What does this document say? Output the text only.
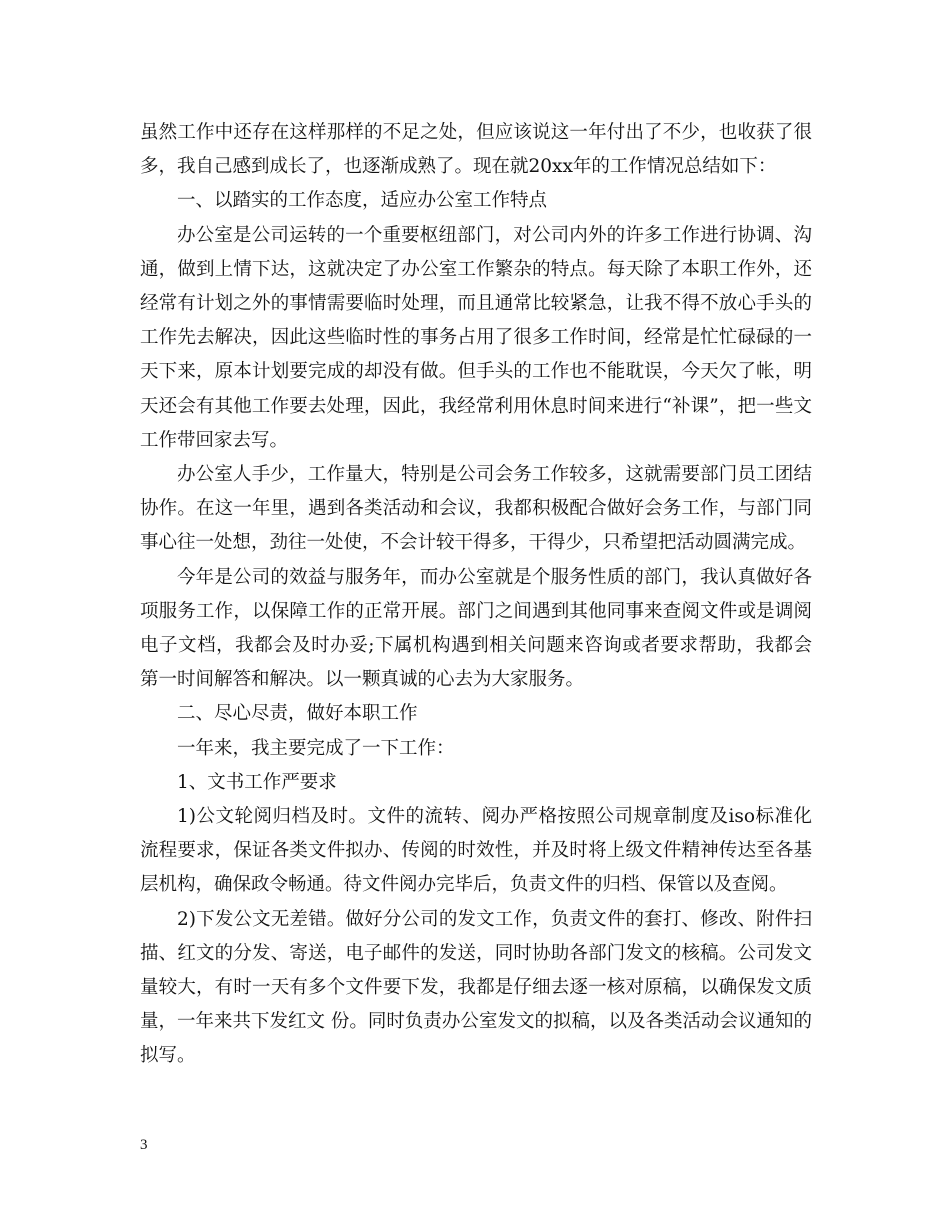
虽然工作中还存在这样那样的不足之处，但应该说这一年付出了不少，也收获了很多，我自己感到成长了，也逐渐成熟了。现在就20xx年的工作情况总结如下：

一、以踏实的工作态度，适应办公室工作特点

办公室是公司运转的一个重要枢纽部门，对公司内外的许多工作进行协调、沟通，做到上情下达，这就决定了办公室工作繁杂的特点。每天除了本职工作外，还经常有计划之外的事情需要临时处理，而且通常比较紧急，让我不得不放心手头的工作先去解决，因此这些临时性的事务占用了很多工作时间，经常是忙忙碌碌的一天下来，原本计划要完成的却没有做。但手头的工作也不能耽误，今天欠了帐，明天还会有其他工作要去处理，因此，我经常利用休息时间来进行“补课”，把一些文工作带回家去写。

办公室人手少，工作量大，特别是公司会务工作较多，这就需要部门员工团结协作。在这一年里，遇到各类活动和会议，我都积极配合做好会务工作，与部门同事心往一处想，劲往一处使，不会计较干得多，干得少，只希望把活动圆满完成。

今年是公司的效益与服务年，而办公室就是个服务性质的部门，我认真做好各项服务工作，以保障工作的正常开展。部门之间遇到其他同事来查阅文件或是调阅电子文档，我都会及时办妥;下属机构遇到相关问题来咨询或者要求帮助，我都会第一时间解答和解决。以一颗真诚的心去为大家服务。

二、尽心尽责，做好本职工作

一年来，我主要完成了一下工作：

1、文书工作严要求

1)公文轮阅归档及时。文件的流转、阅办严格按照公司规章制度及iso标准化流程要求，保证各类文件拟办、传阅的时效性，并及时将上级文件精神传达至各基层机构，确保政令畅通。待文件阅办完毕后，负责文件的归档、保管以及查阅。

2)下发公文无差错。做好分公司的发文工作，负责文件的套打、修改、附件扫描、红文的分发、寄送，电子邮件的发送，同时协助各部门发文的核稿。公司发文量较大，有时一天有多个文件要下发，我都是仔细去逐一核对原稿，以确保发文质量，一年来共下发红文 份。同时负责办公室发文的拟稿，以及各类活动会议通知的拟写。

3
